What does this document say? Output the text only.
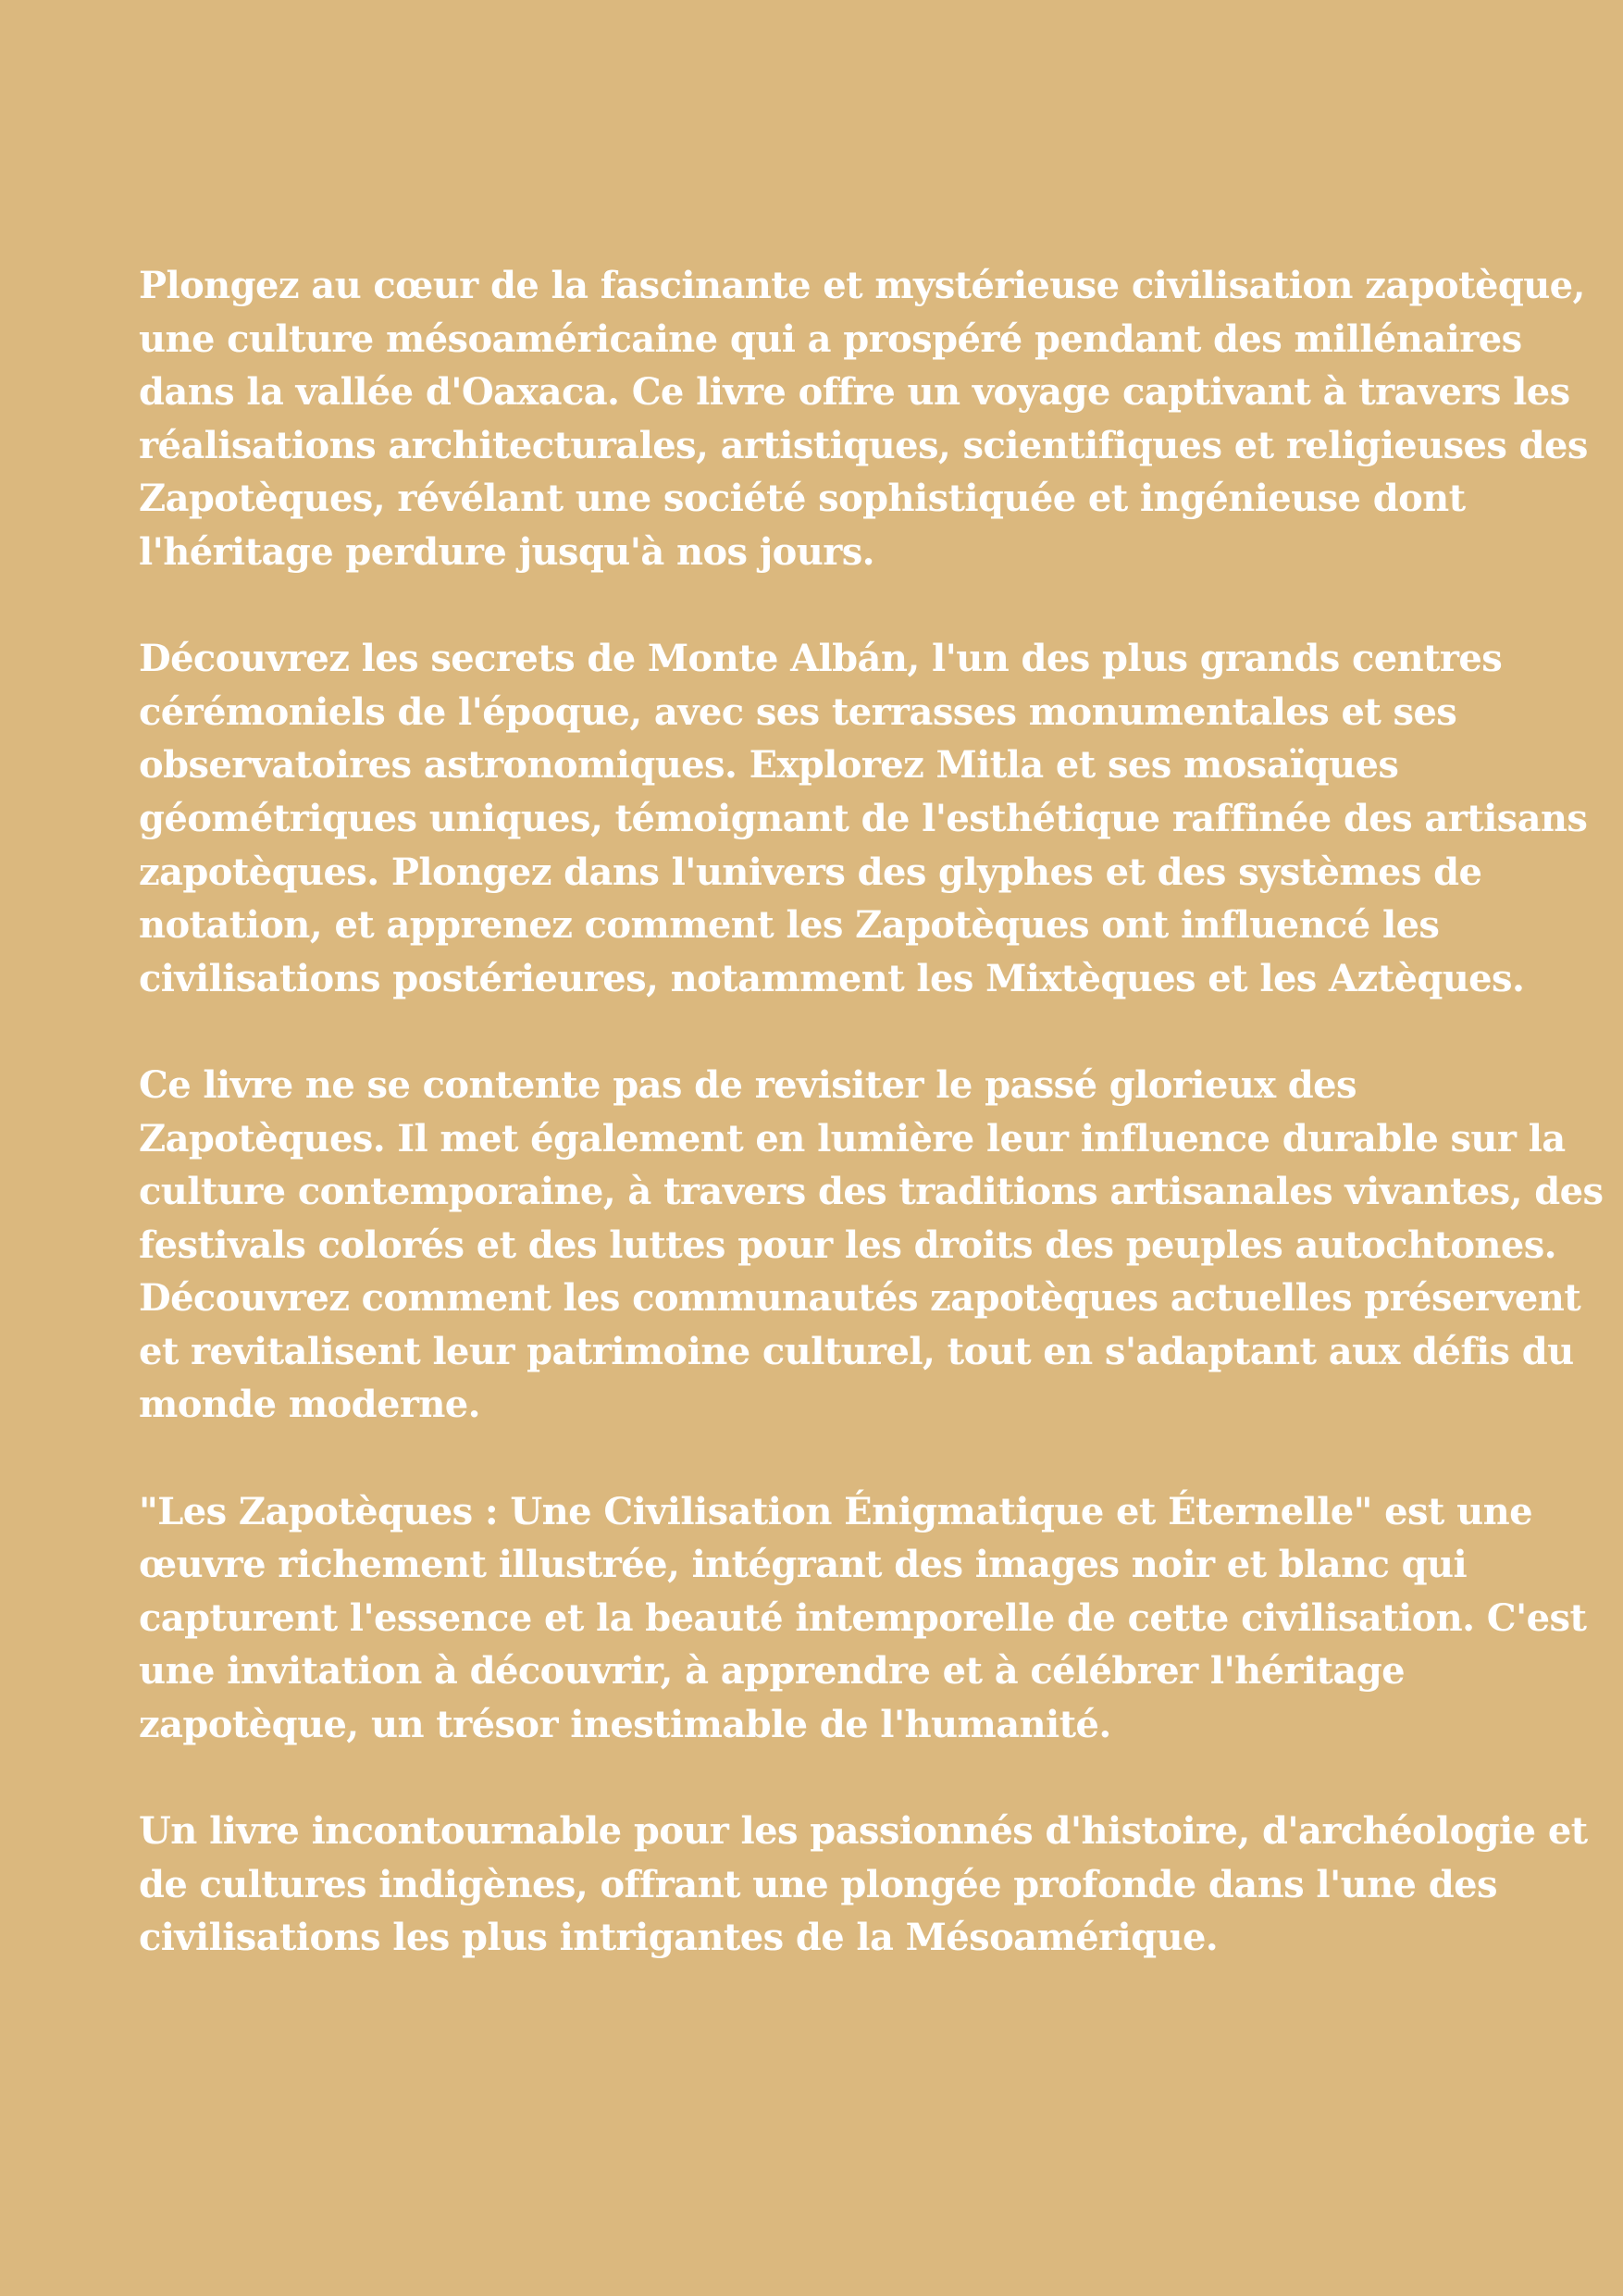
Plongez au cœur de la fascinante et mystérieuse civilisation zapotèque,
une culture mésoaméricaine qui a prospéré pendant des millénaires
dans la vallée d'Oaxaca. Ce livre offre un voyage captivant à travers les
réalisations architecturales, artistiques, scientifiques et religieuses des
Zapotèques, révélant une société sophistiquée et ingénieuse dont
l'héritage perdure jusqu'à nos jours.

Découvrez les secrets de Monte Albán, l'un des plus grands centres
cérémoniels de l'époque, avec ses terrasses monumentales et ses
observatoires astronomiques. Explorez Mitla et ses mosaïques
géométriques uniques, témoignant de l'esthétique raffinée des artisans
zapotèques. Plongez dans l'univers des glyphes et des systèmes de
notation, et apprenez comment les Zapotèques ont influencé les
civilisations postérieures, notamment les Mixtèques et les Aztèques.

Ce livre ne se contente pas de revisiter le passé glorieux des
Zapotèques. Il met également en lumière leur influence durable sur la
culture contemporaine, à travers des traditions artisanales vivantes, des
festivals colorés et des luttes pour les droits des peuples autochtones.
Découvrez comment les communautés zapotèques actuelles préservent
et revitalisent leur patrimoine culturel, tout en s'adaptant aux défis du
monde moderne.

"Les Zapotèques : Une Civilisation Énigmatique et Éternelle" est une
œuvre richement illustrée, intégrant des images noir et blanc qui
capturent l'essence et la beauté intemporelle de cette civilisation. C'est
une invitation à découvrir, à apprendre et à célébrer l'héritage
zapotèque, un trésor inestimable de l'humanité.

Un livre incontournable pour les passionnés d'histoire, d'archéologie et
de cultures indigènes, offrant une plongée profonde dans l'une des
civilisations les plus intrigantes de la Mésoamérique.
